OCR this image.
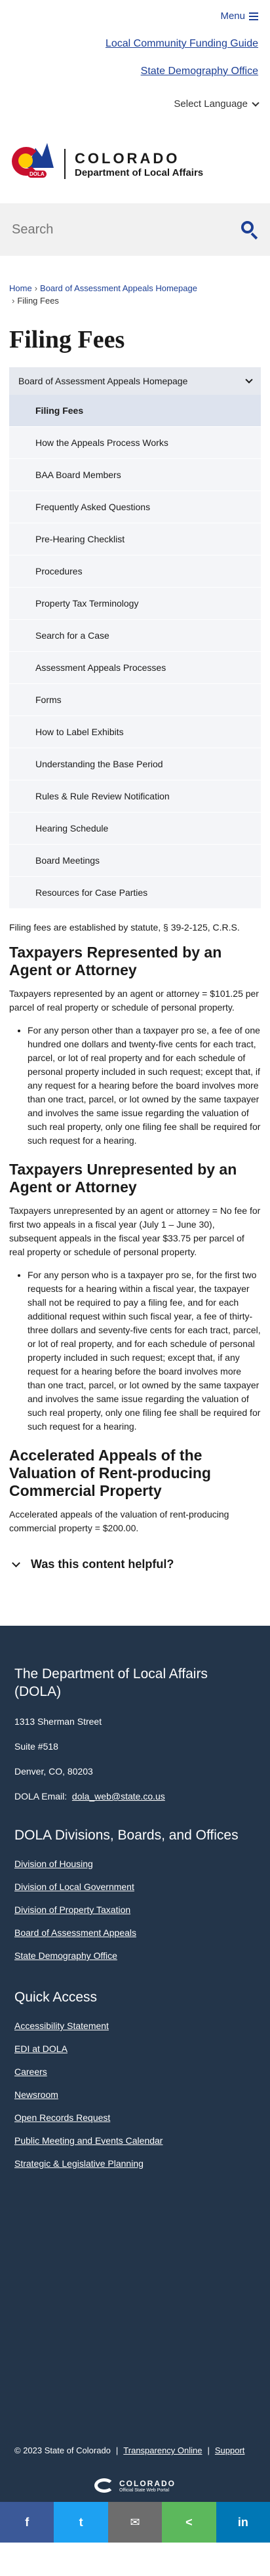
Menu
Local Community Funding Guide
State Demography Office
Select Language
DOLA
COLORADO
Department of Local Affairs
Search
Home › Board of Assessment Appeals Homepage
› Filing Fees
Filing Fees
Board of Assessment Appeals Homepage
Filing Fees
How the Appeals Process Works
BAA Board Members
Frequently Asked Questions
Pre-Hearing Checklist
Procedures
Property Tax Terminology
Search for a Case
Assessment Appeals Processes
Forms
How to Label Exhibits
Understanding the Base Period
Rules & Rule Review Notification
Hearing Schedule
Board Meetings
Resources for Case Parties

Filing fees are established by statute, § 39-2-125, C.R.S.

Taxpayers Represented by an Agent or Attorney

Taxpayers represented by an agent or attorney = $101.25 per parcel of real property or schedule of personal property.

• For any person other than a taxpayer pro se, a fee of one hundred one dollars and twenty-five cents for each tract, parcel, or lot of real property and for each schedule of personal property included in such request; except that, if any request for a hearing before the board involves more than one tract, parcel, or lot owned by the same taxpayer and involves the same issue regarding the valuation of such real property, only one filing fee shall be required for such request for a hearing.
Taxpayers Unrepresented by an Agent or Attorney

Taxpayers unrepresented by an agent or attorney = No fee for first two appeals in a fiscal year (July 1 – June 30), subsequent appeals in the fiscal year $33.75 per parcel of real property or schedule of personal property.

• For any person who is a taxpayer pro se, for the first two requests for a hearing within a fiscal year, the taxpayer shall not be required to pay a filing fee, and for each additional request within such fiscal year, a fee of thirty-three dollars and seventy-five cents for each tract, parcel, or lot of real property, and for each schedule of personal property included in such request; except that, if any request for a hearing before the board involves more than one tract, parcel, or lot owned by the same taxpayer and involves the same issue regarding the valuation of such real property, only one filing fee shall be required for such request for a hearing.
Accelerated Appeals of the Valuation of Rent-producing Commercial Property

Accelerated appeals of the valuation of rent-producing commercial property = $200.00.

Was this content helpful?
The Department of Local Affairs (DOLA)

1313 Sherman Street

Suite #518

Denver, CO, 80203

DOLA Email: dola_web@state.co.us

DOLA Divisions, Boards, and Offices
Division of Housing
Division of Local Government
Division of Property Taxation
Board of Assessment Appeals
State Demography Office
Quick Access
Accessibility Statement
EDI at DOLA
Careers
Newsroom
Open Records Request
Public Meeting and Events Calendar
Strategic & Legislative Planning
© 2023 State of Colorado | Transparency Online | Support
COLORADO
Official State Web Portal
f	t	✉	<	in
